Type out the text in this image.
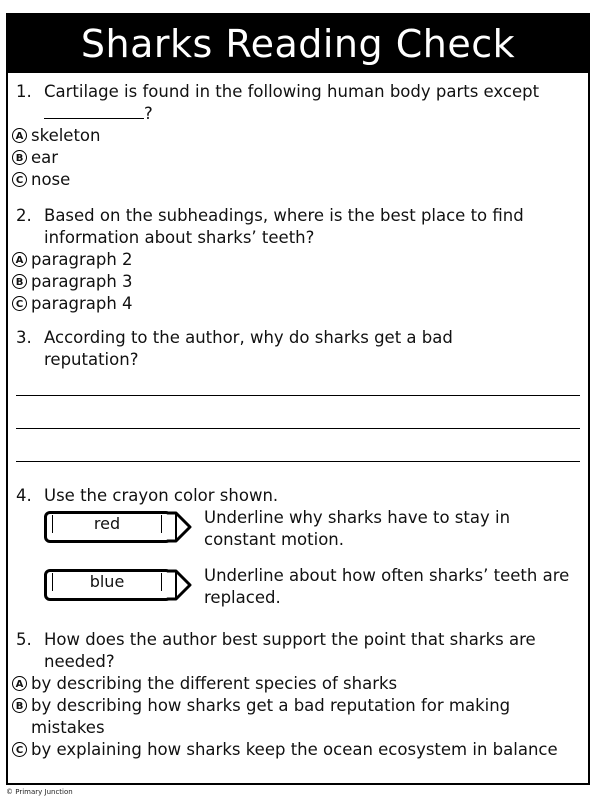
Sharks Reading Check
1. Cartilage is found in the following human body parts except
?
A skeleton
B ear
C nose
2. Based on the subheadings, where is the best place to find information about sharks’ teeth?
A paragraph 2
B paragraph 3
C paragraph 4
3. According to the author, why do sharks get a bad reputation?
4. Use the crayon color shown.
red	Underline why sharks have to stay in constant motion.
blue	Underline about how often sharks’ teeth are replaced.
5. How does the author best support the point that sharks are needed?
A by describing the different species of sharks
B by describing how sharks get a bad reputation for making mistakes
C by explaining how sharks keep the ocean ecosystem in balance
© Primary Junction
